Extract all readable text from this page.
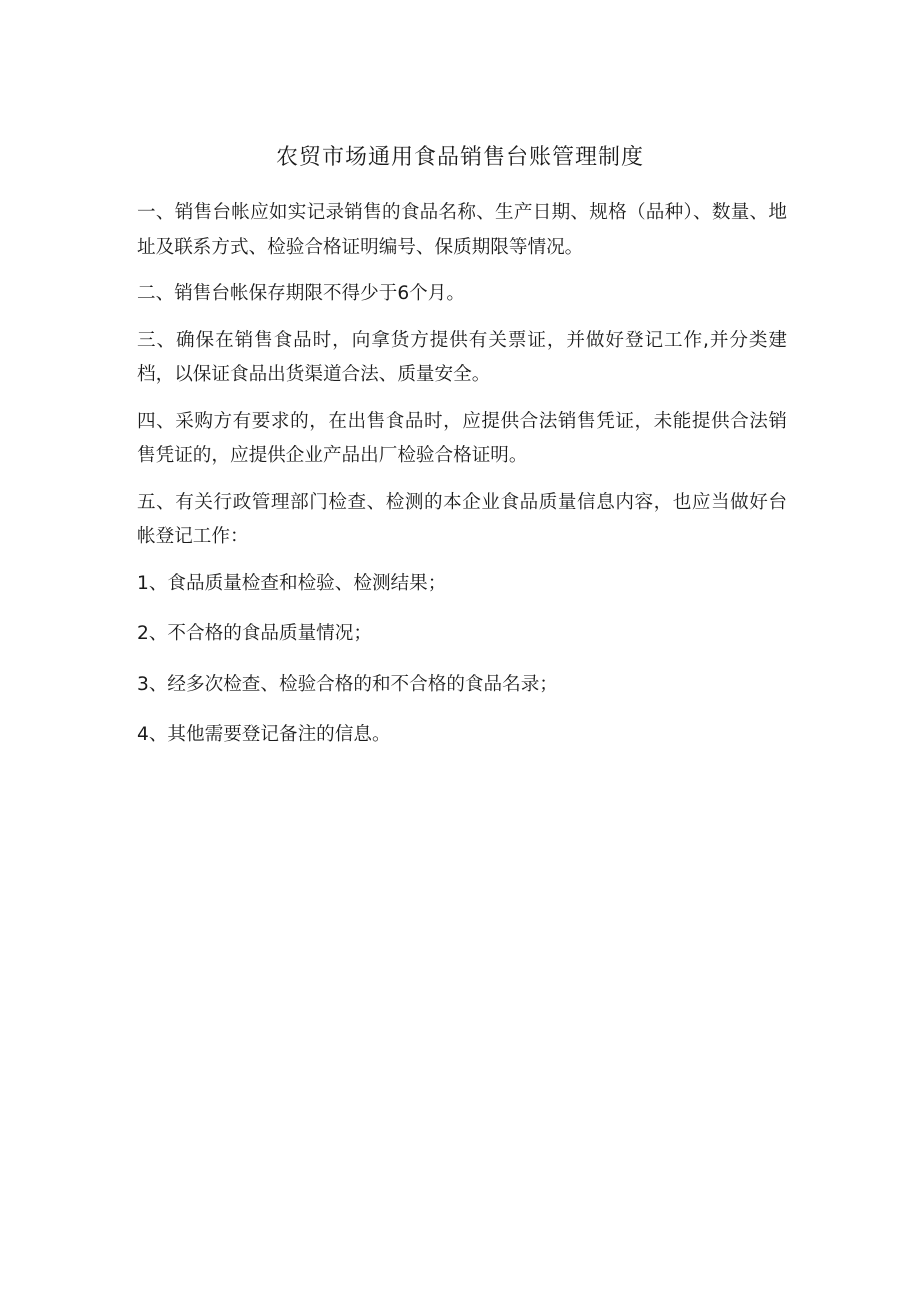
农贸市场通用食品销售台账管理制度

一、销售台帐应如实记录销售的食品名称、生产日期、规格（品种）、数量、地址及联系方式、检验合格证明编号、保质期限等情况。

二、销售台帐保存期限不得少于6个月。

三、确保在销售食品时，向拿货方提供有关票证，并做好登记工作,并分类建档，以保证食品出货渠道合法、质量安全。

四、采购方有要求的，在出售食品时，应提供合法销售凭证，未能提供合法销售凭证的，应提供企业产品出厂检验合格证明。

五、有关行政管理部门检查、检测的本企业食品质量信息内容，也应当做好台帐登记工作：

1、食品质量检查和检验、检测结果；
2、不合格的食品质量情况；
3、经多次检查、检验合格的和不合格的食品名录；
4、其他需要登记备注的信息。
